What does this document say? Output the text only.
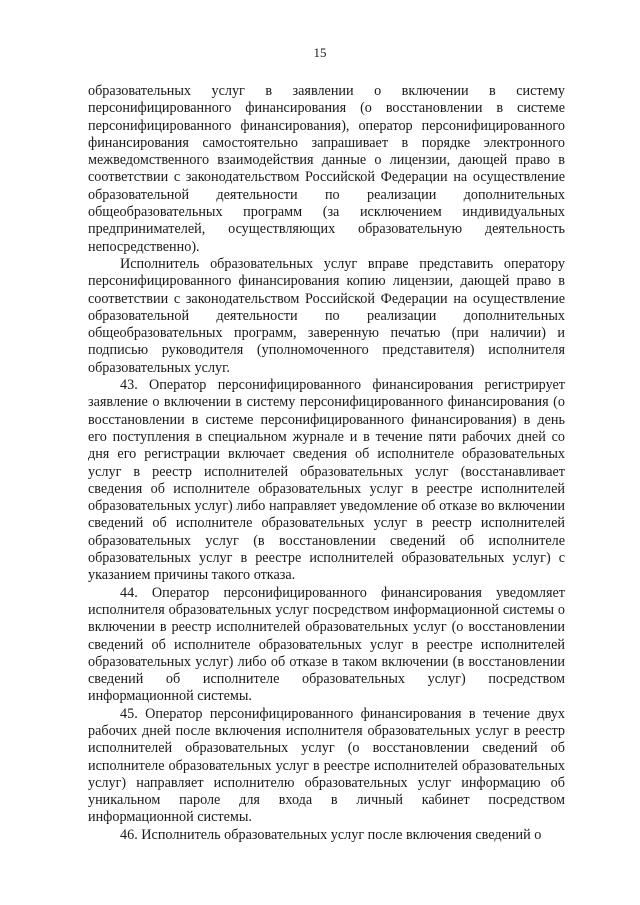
15

образовательных услуг в заявлении о включении в систему персонифицированного финансирования (о восстановлении в системе персонифицированного финансирования), оператор персонифицированного финансирования самостоятельно запрашивает в порядке электронного межведомственного взаимодействия данные о лицензии, дающей право в соответствии с законодательством Российской Федерации на осуществление образовательной деятельности по реализации дополнительных общеобразовательных программ (за исключением индивидуальных предпринимателей, осуществляющих образовательную деятельность непосредственно).

Исполнитель образовательных услуг вправе представить оператору персонифицированного финансирования копию лицензии, дающей право в соответствии с законодательством Российской Федерации на осуществление образовательной деятельности по реализации дополнительных общеобразовательных программ, заверенную печатью (при наличии) и подписью руководителя (уполномоченного представителя) исполнителя образовательных услуг.

43. Оператор персонифицированного финансирования регистрирует заявление о включении в систему персонифицированного финансирования (о восстановлении в системе персонифицированного финансирования) в день его поступления в специальном журнале и в течение пяти рабочих дней со дня его регистрации включает сведения об исполнителе образовательных услуг в реестр исполнителей образовательных услуг (восстанавливает сведения об исполнителе образовательных услуг в реестре исполнителей образовательных услуг) либо направляет уведомление об отказе во включении сведений об исполнителе образовательных услуг в реестр исполнителей образовательных услуг (в восстановлении сведений об исполнителе образовательных услуг в реестре исполнителей образовательных услуг) с указанием причины такого отказа.

44. Оператор персонифицированного финансирования уведомляет исполнителя образовательных услуг посредством информационной системы о включении в реестр исполнителей образовательных услуг (о восстановлении сведений об исполнителе образовательных услуг в реестре исполнителей образовательных услуг) либо об отказе в таком включении (в восстановлении сведений об исполнителе образовательных услуг) посредством информационной системы.

45. Оператор персонифицированного финансирования в течение двух рабочих дней после включения исполнителя образовательных услуг в реестр исполнителей образовательных услуг (о восстановлении сведений об исполнителе образовательных услуг в реестре исполнителей образовательных услуг) направляет исполнителю образовательных услуг информацию об уникальном пароле для входа в личный кабинет посредством информационной системы.

46. Исполнитель образовательных услуг после включения сведений о
